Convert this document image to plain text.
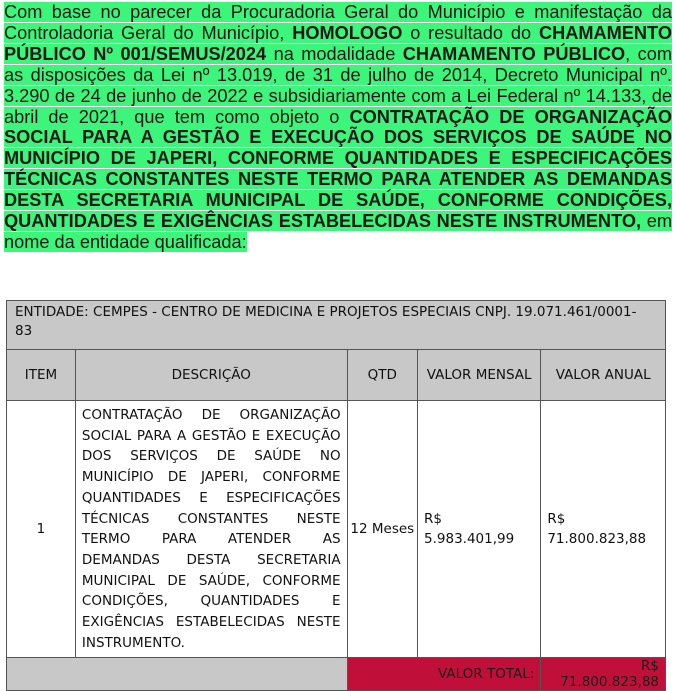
Com base no parecer da Procuradoria Geral do Município e manifestação da Controladoria Geral do Município, HOMOLOGO o resultado do CHAMAMENTO PÚBLICO Nº 001/SEMUS/2024 na modalidade CHAMAMENTO PÚBLICO, com as disposições da Lei nº 13.019, de 31 de julho de 2014, Decreto Municipal nº. 3.290 de 24 de junho de 2022 e subsidiariamente com a Lei Federal nº 14.133, de abril de 2021, que tem como objeto o CONTRATAÇÃO DE ORGANIZAÇÃO SOCIAL PARA A GESTÃO E EXECUÇÃO DOS SERVIÇOS DE SAÚDE NO MUNICÍPIO DE JAPERI, CONFORME QUANTIDADES E ESPECIFICAÇÕES TÉCNICAS CONSTANTES NESTE TERMO PARA ATENDER AS DEMANDAS DESTA SECRETARIA MUNICIPAL DE SAÚDE, CONFORME CONDIÇÕES, QUANTIDADES E EXIGÊNCIAS ESTABELECIDAS NESTE INSTRUMENTO, em nome da entidade qualificada:
ENTIDADE: CEMPES - CENTRO DE MEDICINA E PROJETOS ESPECIAIS CNPJ. 19.071.461/0001- 83				
ITEM	DESCRIÇÃO	QTD	VALOR MENSAL	VALOR ANUAL
1	CONTRATAÇÃO DE ORGANIZAÇÃO SOCIAL PARA A GESTÃO E EXECUÇÃO DOS SERVIÇOS DE SAÚDE NO MUNICÍPIO DE JAPERI, CONFORME QUANTIDADES E ESPECIFICAÇÕES TÉCNICAS CONSTANTES NESTE TERMO PARA ATENDER AS DEMANDAS DESTA SECRETARIA MUNICIPAL DE SAÚDE, CONFORME CONDIÇÕES, QUANTIDADES E EXIGÊNCIAS ESTABELECIDAS NESTE INSTRUMENTO.	12 Meses	R$ 5.983.401,99	R$ 71.800.823,88
		VALOR TOTAL:		R$ 71.800.823,88
